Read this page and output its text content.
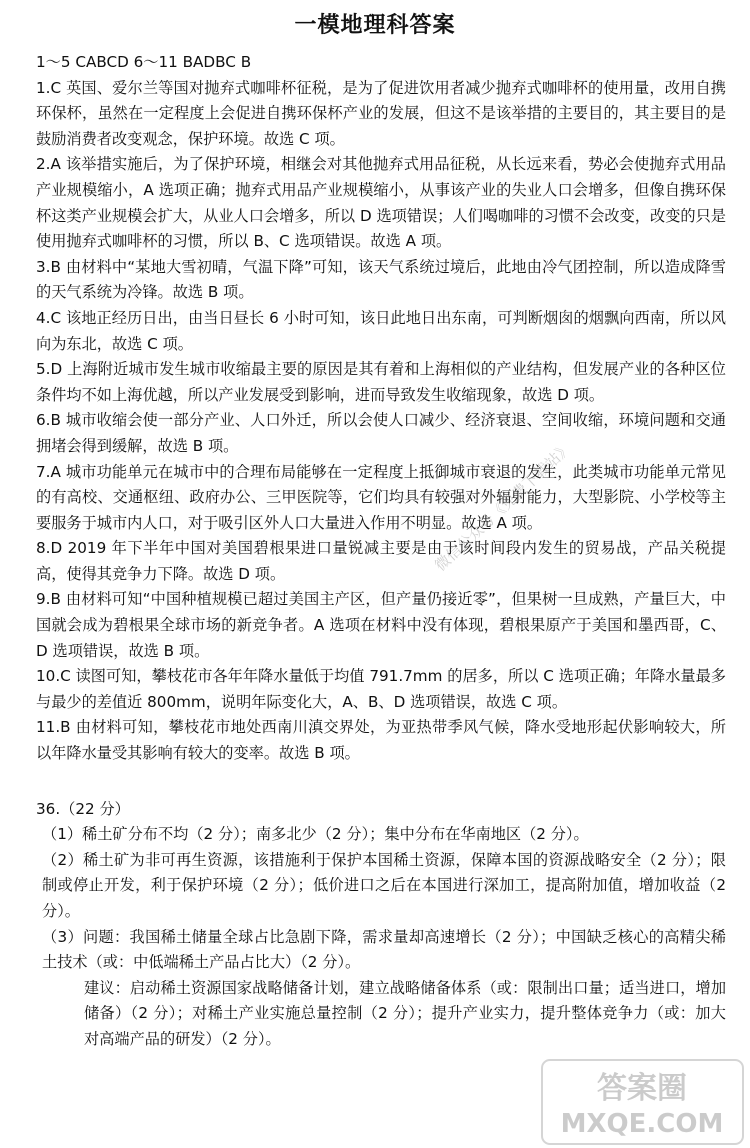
一模地理科答案

1～5 CABCD 6～11 BADBC B

1.C 英国、爱尔兰等国对抛弃式咖啡杯征税，是为了促进饮用者减少抛弃式咖啡杯的使用量，改用自携环保杯，虽然在一定程度上会促进自携环保杯产业的发展，但这不是该举措的主要目的，其主要目的是鼓励消费者改变观念，保护环境。故选 C 项。

2.A 该举措实施后，为了保护环境，相继会对其他抛弃式用品征税，从长远来看，势必会使抛弃式用品产业规模缩小，A 选项正确；抛弃式用品产业规模缩小，从事该产业的失业人口会增多，但像自携环保杯这类产业规模会扩大，从业人口会增多，所以 D 选项错误；人们喝咖啡的习惯不会改变，改变的只是使用抛弃式咖啡杯的习惯，所以 B、C 选项错误。故选 A 项。

3.B 由材料中“某地大雪初晴，气温下降”可知，该天气系统过境后，此地由冷气团控制，所以造成降雪的天气系统为冷锋。故选 B 项。

4.C 该地正经历日出，由当日昼长 6 小时可知，该日此地日出东南，可判断烟囱的烟飘向西南，所以风向为东北，故选 C 项。

5.D 上海附近城市发生城市收缩最主要的原因是其有着和上海相似的产业结构，但发展产业的各种区位条件均不如上海优越，所以产业发展受到影响，进而导致发生收缩现象，故选 D 项。

6.B 城市收缩会使一部分产业、人口外迁，所以会使人口减少、经济衰退、空间收缩，环境问题和交通拥堵会得到缓解，故选 B 项。

7.A 城市功能单元在城市中的合理布局能够在一定程度上抵御城市衰退的发生，此类城市功能单元常见的有高校、交通枢纽、政府办公、三甲医院等，它们均具有较强对外辐射能力，大型影院、小学校等主要服务于城市内人口，对于吸引区外人口大量进入作用不明显。故选 A 项。

8.D 2019 年下半年中国对美国碧根果进口量锐减主要是由于该时间段内发生的贸易战，产品关税提高，使得其竞争力下降。故选 D 项。

9.B 由材料可知“中国种植规模已超过美国主产区，但产量仍接近零”，但果树一旦成熟，产量巨大，中国就会成为碧根果全球市场的新竞争者。A 选项在材料中没有体现，碧根果原产于美国和墨西哥，C、D 选项错误，故选 B 项。

10.C 读图可知，攀枝花市各年年降水量低于均值 791.7mm 的居多，所以 C 选项正确；年降水量最多与最少的差值近 800mm，说明年际变化大，A、B、D 选项错误，故选 C 项。

11.B 由材料可知，攀枝花市地处西南川滇交界处，为亚热带季风气候，降水受地形起伏影响较大，所以年降水量受其影响有较大的变率。故选 B 项。

36.（22 分）

（1）稀土矿分布不均（2 分）；南多北少（2 分）；集中分布在华南地区（2 分）。

（2）稀土矿为非可再生资源，该措施利于保护本国稀土资源，保障本国的资源战略安全（2 分）；限制或停止开发，利于保护环境（2 分）；低价进口之后在本国进行深加工，提高附加值，增加收益（2 分）。

（3）问题：我国稀土储量全球占比急剧下降，需求量却高速增长（2 分）；中国缺乏核心的高精尖稀土技术（或：中低端稀土产品占比大）（2 分）。

建议：启动稀土资源国家战略储备计划，建立战略储备体系（或：限制出口量；适当进口，增加储备）（2 分）；对稀土产业实施总量控制（2 分）；提升产业实力，提升整体竞争力（或：加大对高端产品的研发）（2 分）。

微信公众号《免费下载站》
答案圈
MXQE.COM
